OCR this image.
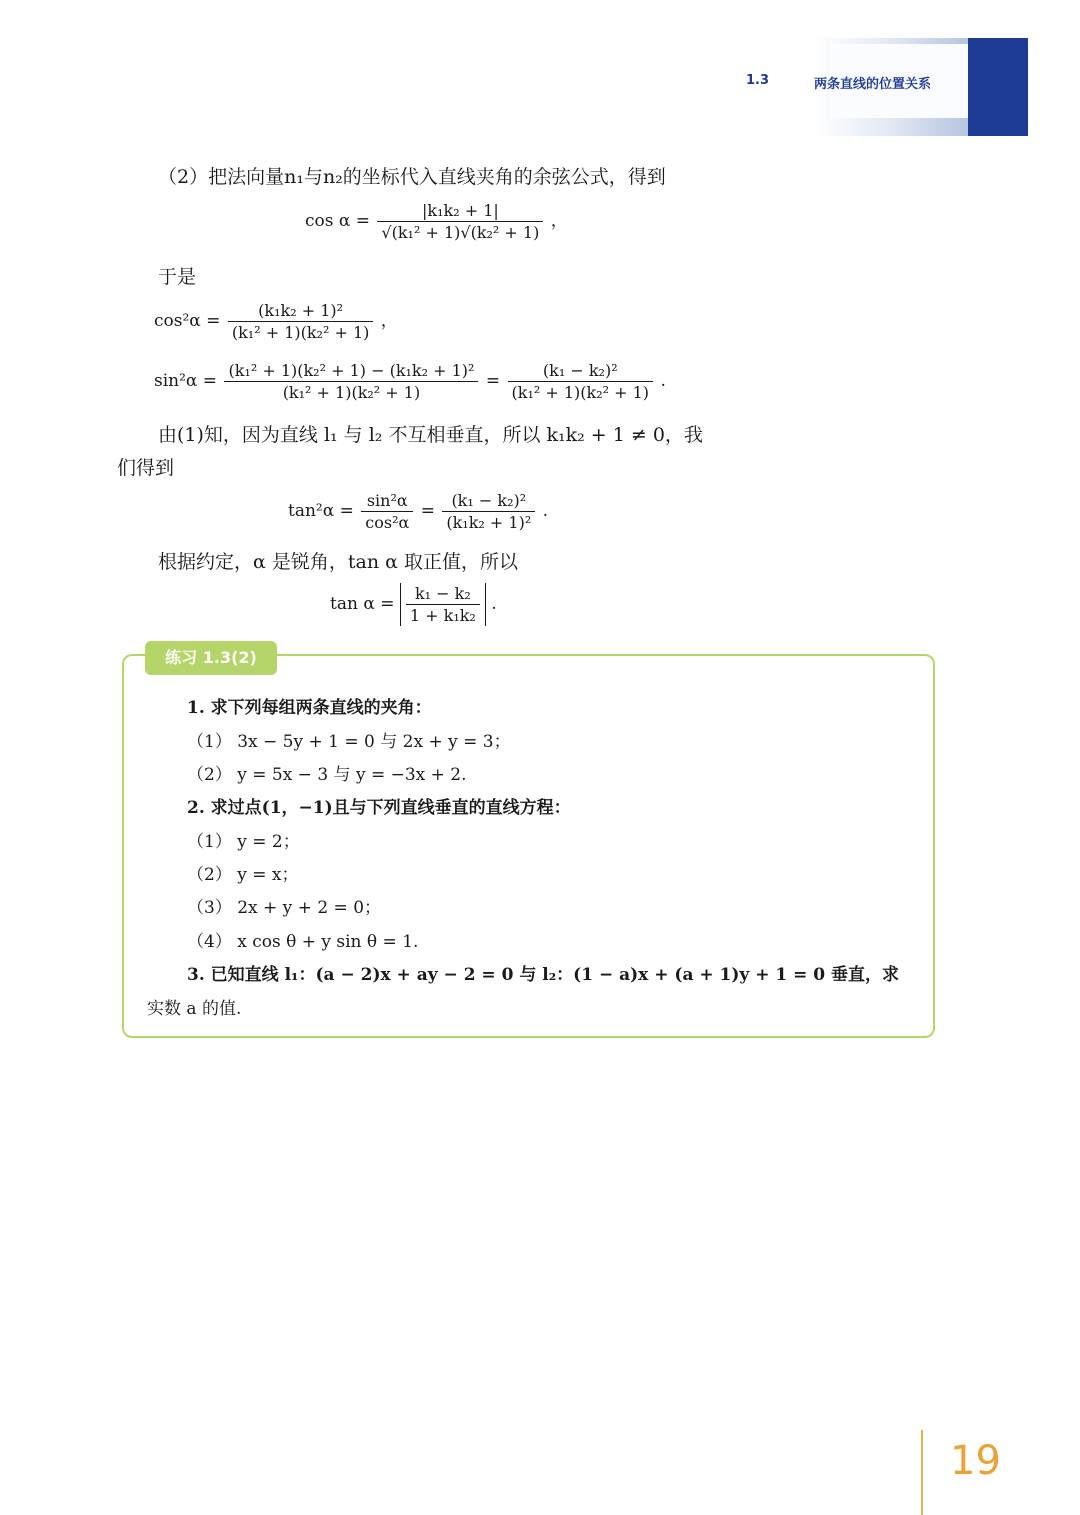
1.3	两条直线的位置关系
（2）把法向量n₁与n₂的坐标代入直线夹角的余弦公式，得到
$\cos \alpha = \frac{\text{|k₁k₂ + 1|}}{\text{√(k₁² + 1)√(k₂² + 1)}}$ ，
于是
$\cos^2\alpha = \frac{\text{(k₁k₂ + 1)²}}{\text{(k₁² + 1)(k₂² + 1)}}$ ，
$\sin^2\alpha = \frac{\text{(k₁² + 1)(k₂² + 1) − (k₁k₂ + 1)²}}{\text{(k₁² + 1)(k₂² + 1)}} = \frac{\text{(k₁ − k₂)²}}{\text{(k₁² + 1)(k₂² + 1)}}$ .
由(1)知，因为直线 l₁ 与 l₂ 不互相垂直，所以 k₁k₂ + 1 ≠ 0，我
们得到
$\tan^2\alpha = \frac{\text{sin²α}}{\text{cos²α}} = \frac{\text{(k₁ − k₂)²}}{\text{(k₁k₂ + 1)²}}$ .
根据约定，α 是锐角，tan α 取正值，所以
$\tan \alpha = \frac{\text{k₁ − k₂}}{\text{1 + k₁k₂}}$ .
练习 1.3(2)
1. 求下列每组两条直线的夹角：
（1） 3x − 5y + 1 = 0 与 2x + y = 3；
（2） y = 5x − 3 与 y = −3x + 2.
2. 求过点(1，−1)且与下列直线垂直的直线方程：
（1） y = 2；
（2） y = x；
（3） 2x + y + 2 = 0；
（4） x cos θ + y sin θ = 1.
3. 已知直线 l₁：(a − 2)x + ay − 2 = 0 与 l₂：(1 − a)x + (a + 1)y + 1 = 0 垂直，求
实数 a 的值.
19
